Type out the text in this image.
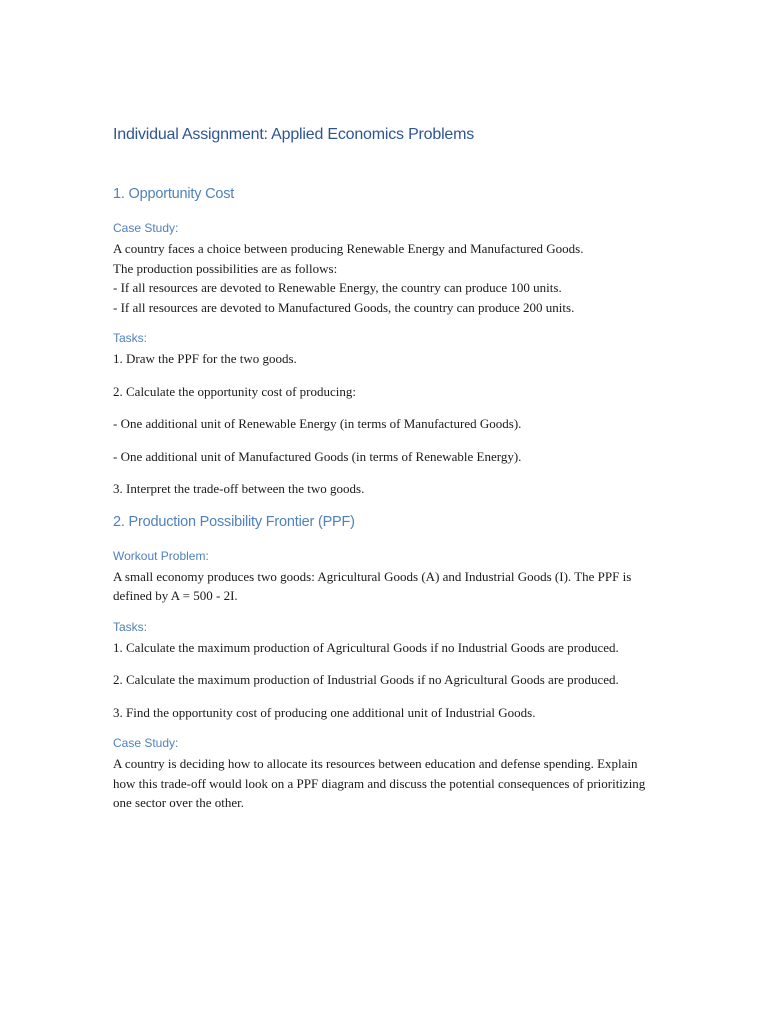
Individual Assignment: Applied Economics Problems
1. Opportunity Cost
Case Study:
A country faces a choice between producing Renewable Energy and Manufactured Goods.
The production possibilities are as follows:
- If all resources are devoted to Renewable Energy, the country can produce 100 units.
- If all resources are devoted to Manufactured Goods, the country can produce 200 units.
Tasks:
1. Draw the PPF for the two goods.
2. Calculate the opportunity cost of producing:
- One additional unit of Renewable Energy (in terms of Manufactured Goods).
- One additional unit of Manufactured Goods (in terms of Renewable Energy).
3. Interpret the trade-off between the two goods.
2. Production Possibility Frontier (PPF)
Workout Problem:
A small economy produces two goods: Agricultural Goods (A) and Industrial Goods (I). The PPF is defined by A = 500 - 2I.
Tasks:
1. Calculate the maximum production of Agricultural Goods if no Industrial Goods are produced.
2. Calculate the maximum production of Industrial Goods if no Agricultural Goods are produced.
3. Find the opportunity cost of producing one additional unit of Industrial Goods.
Case Study:
A country is deciding how to allocate its resources between education and defense spending. Explain how this trade-off would look on a PPF diagram and discuss the potential consequences of prioritizing one sector over the other.
